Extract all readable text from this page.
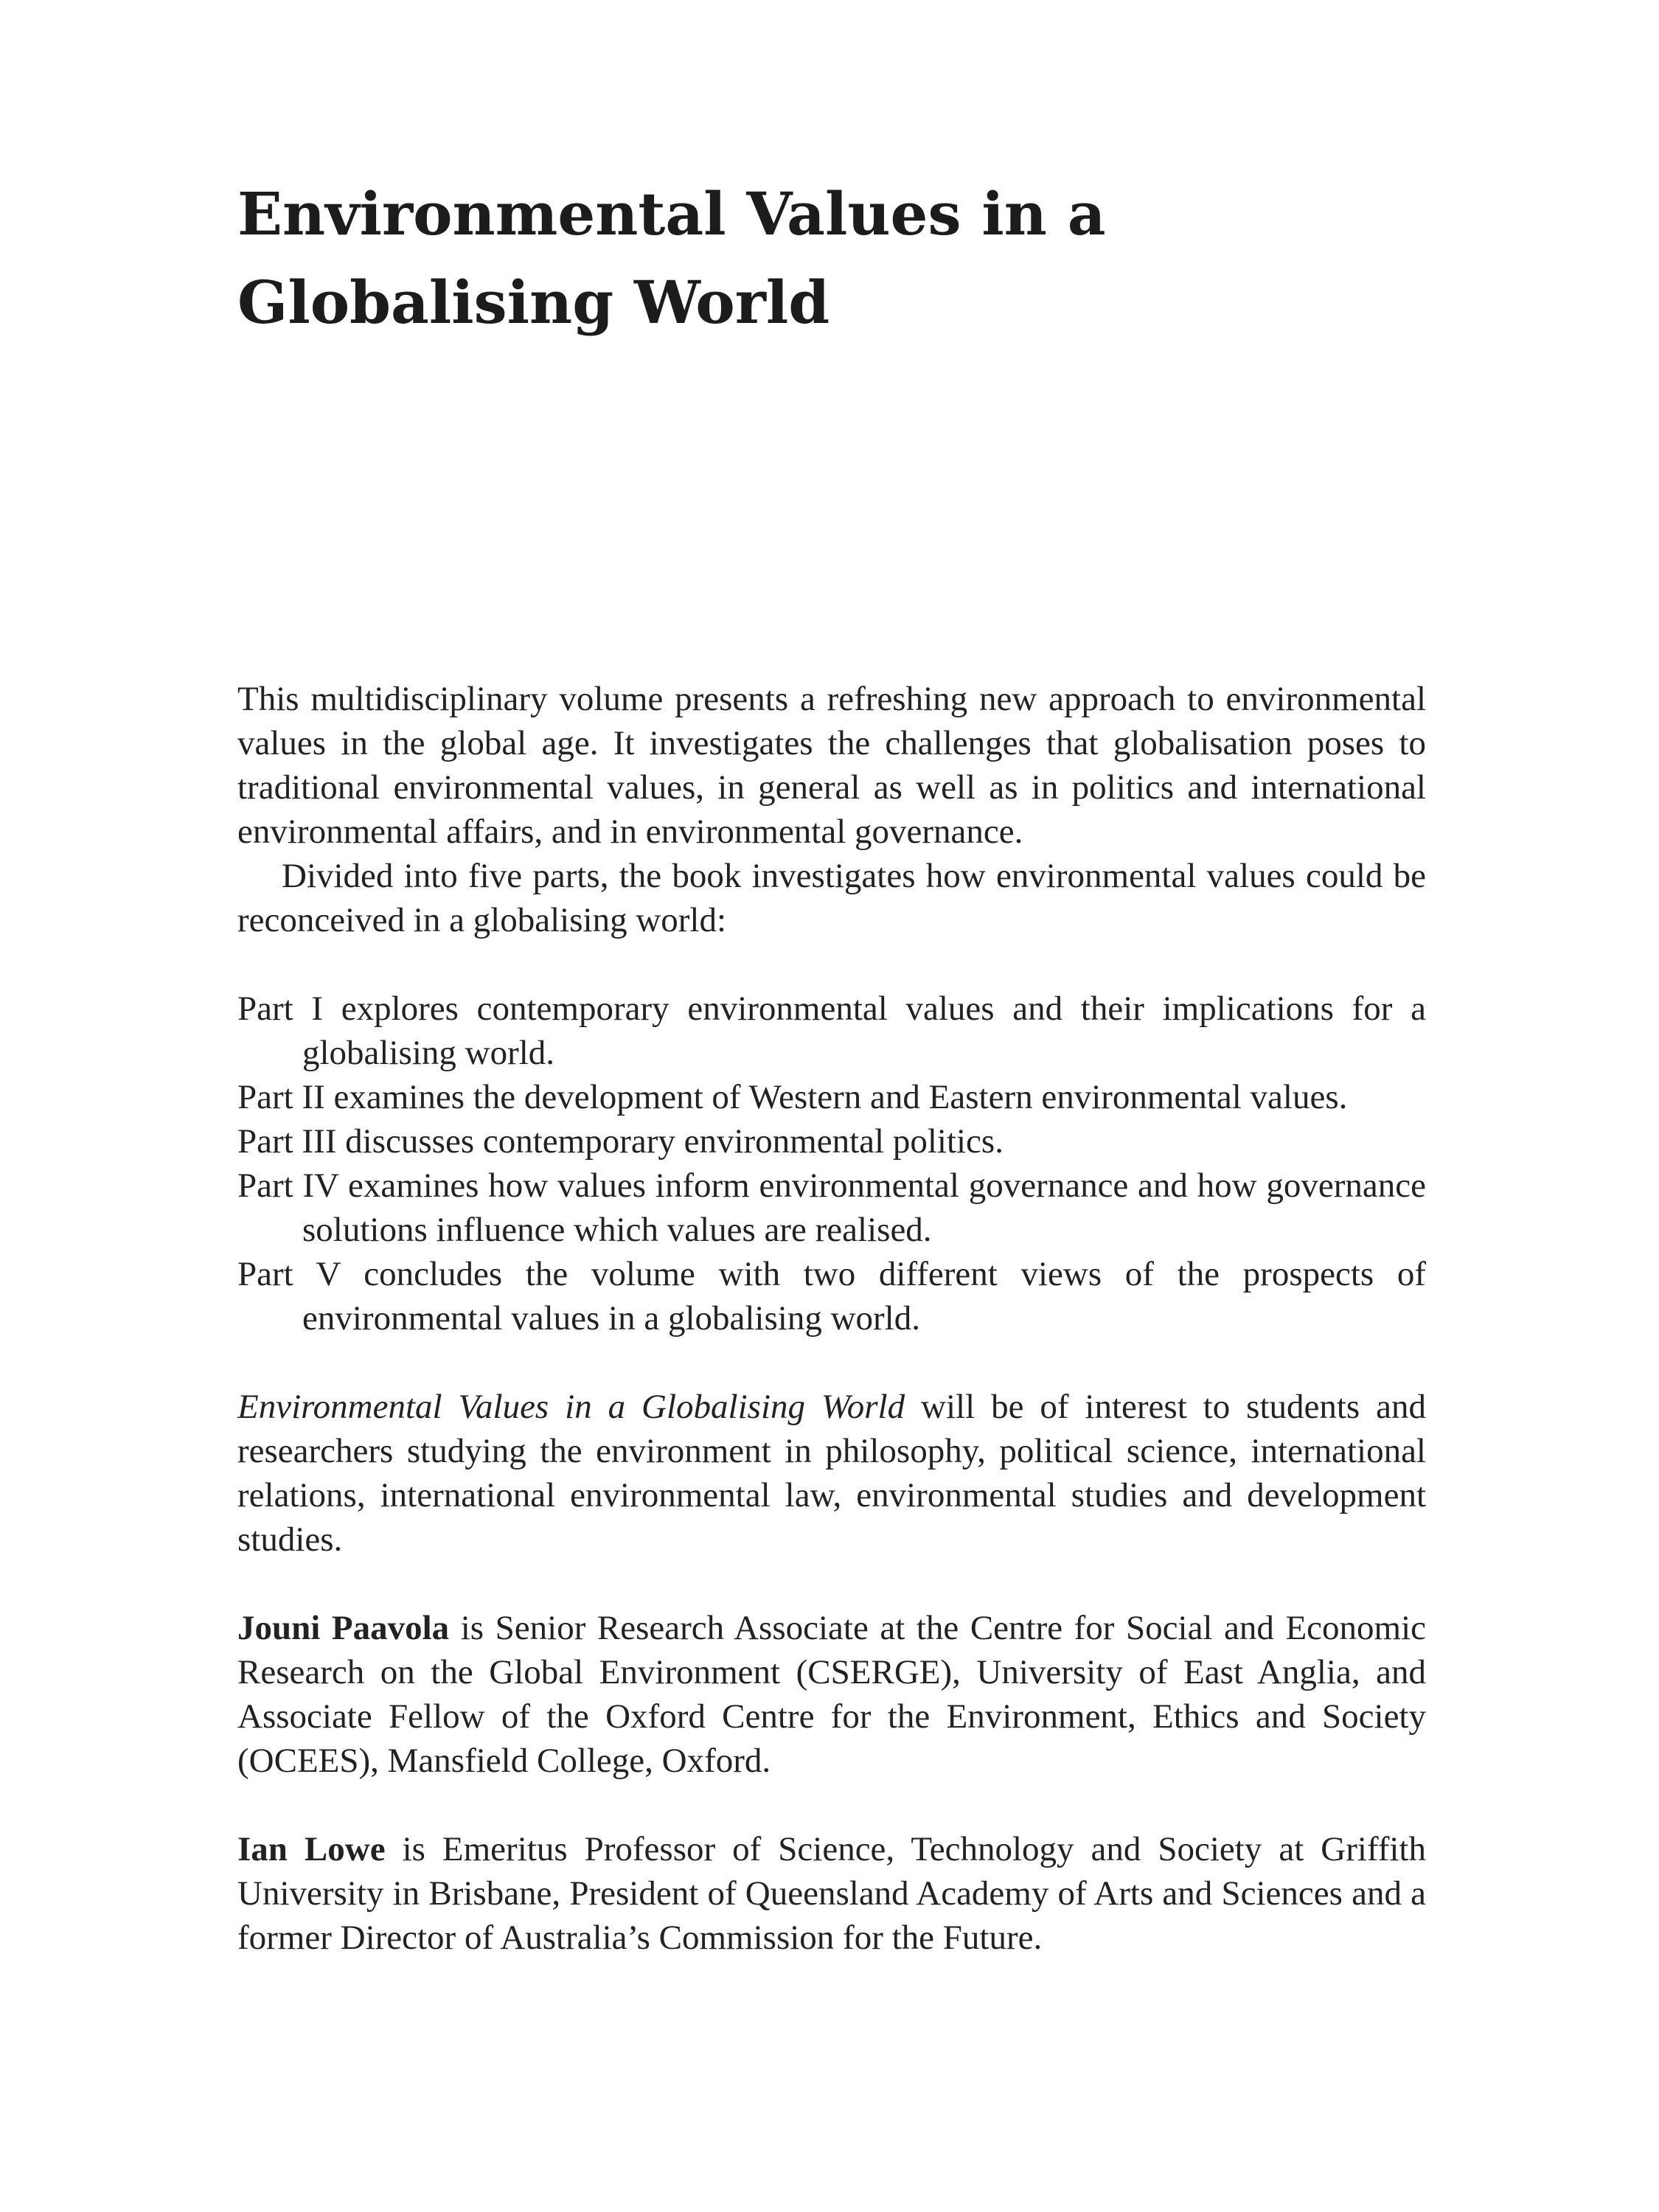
Environmental Values in a
Globalising World

This multidisciplinary volume presents a refreshing new approach to environmental values in the global age. It investigates the challenges that globalisation poses to traditional environmental values, in general as well as in politics and international environmental affairs, and in environmental governance.

Divided into five parts, the book investigates how environmental values could be reconceived in a globalising world:

Part I explores contemporary environmental values and their implications for a globalising world.
Part II examines the development of Western and Eastern environmental values.
Part III discusses contemporary environmental politics.
Part IV examines how values inform environmental governance and how governance solutions influence which values are realised.
Part V concludes the volume with two different views of the prospects of environmental values in a globalising world.

Environmental Values in a Globalising World will be of interest to students and researchers studying the environment in philosophy, political science, international relations, international environmental law, environmental studies and development studies.

Jouni Paavola is Senior Research Associate at the Centre for Social and Economic Research on the Global Environment (CSERGE), University of East Anglia, and Associate Fellow of the Oxford Centre for the Environment, Ethics and Society (OCEES), Mansfield College, Oxford.

Ian Lowe is Emeritus Professor of Science, Technology and Society at Griffith University in Brisbane, President of Queensland Academy of Arts and Sciences and a former Director of Australia’s Commission for the Future.
